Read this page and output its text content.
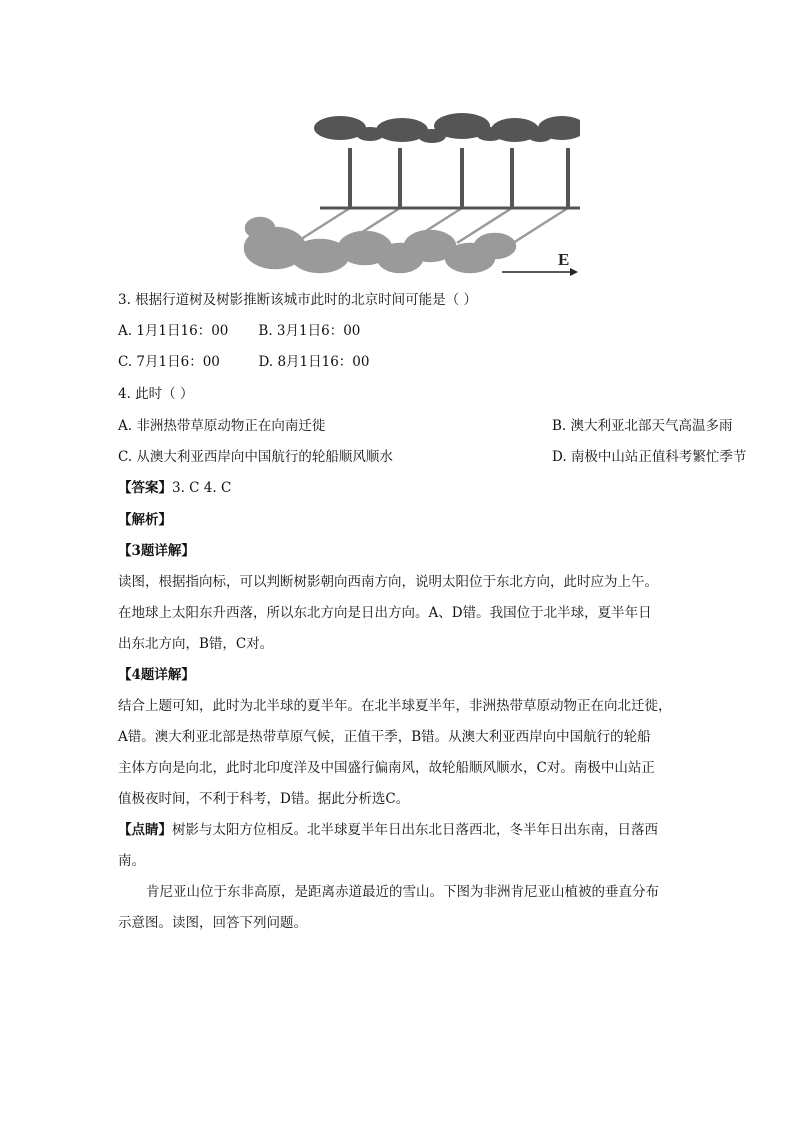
E
3. 根据行道树及树影推断该城市此时的北京时间可能是（ ）
A. 1月1日16：00 B. 3月1日6：00
C. 7月1日6：00	D. 8月1日16：00
4. 此时（ ）
A. 非洲热带草原动物正在向南迁徙	B. 澳大利亚北部天气高温多雨
C. 从澳大利亚西岸向中国航行的轮船顺风顺水	D. 南极中山站正值科考繁忙季节
【答案】3. C 4. C
【解析】
【3题详解】
读图，根据指向标，可以判断树影朝向西南方向，说明太阳位于东北方向，此时应为上午。
在地球上太阳东升西落，所以东北方向是日出方向。A、D错。我国位于北半球，夏半年日
出东北方向，B错，C对。
【4题详解】
结合上题可知，此时为北半球的夏半年。在北半球夏半年，非洲热带草原动物正在向北迁徙，
A错。澳大利亚北部是热带草原气候，正值干季，B错。从澳大利亚西岸向中国航行的轮船
主体方向是向北，此时北印度洋及中国盛行偏南风，故轮船顺风顺水，C对。南极中山站正
值极夜时间，不利于科考，D错。据此分析选C。
【点睛】树影与太阳方位相反。北半球夏半年日出东北日落西北，冬半年日出东南，日落西
南。
肯尼亚山位于东非高原，是距离赤道最近的雪山。下图为非洲肯尼亚山植被的垂直分布
示意图。读图，回答下列问题。
